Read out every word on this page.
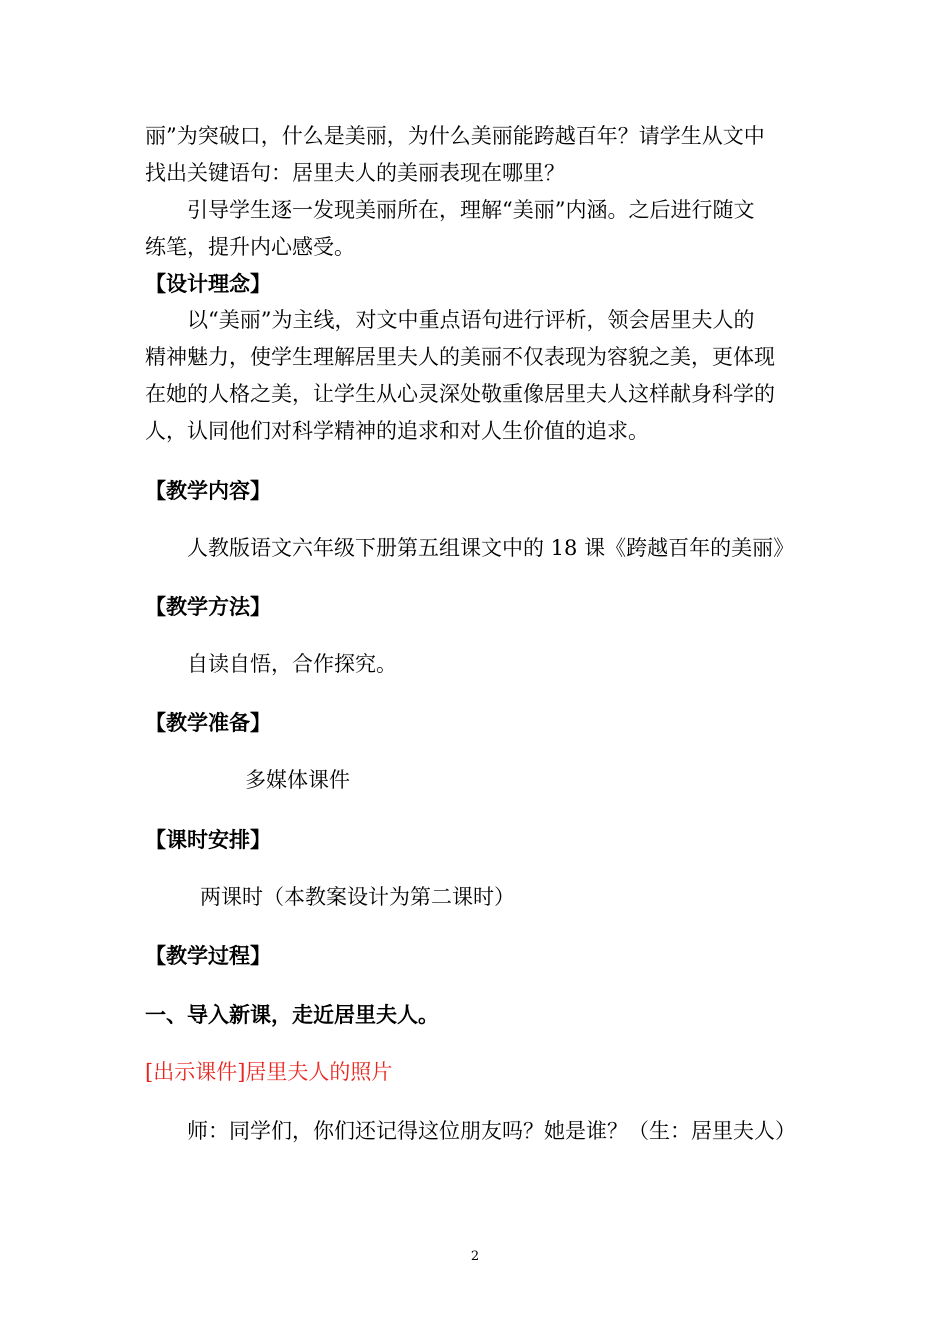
丽”为突破口，什么是美丽，为什么美丽能跨越百年？请学生从文中
找出关键语句：居里夫人的美丽表现在哪里？
引导学生逐一发现美丽所在，理解“美丽”内涵。之后进行随文
练笔，提升内心感受。
【设计理念】
以“美丽”为主线，对文中重点语句进行评析，领会居里夫人的
精神魅力，使学生理解居里夫人的美丽不仅表现为容貌之美，更体现
在她的人格之美，让学生从心灵深处敬重像居里夫人这样献身科学的
人，认同他们对科学精神的追求和对人生价值的追求。
【教学内容】
人教版语文六年级下册第五组课文中的 18 课《跨越百年的美丽》
【教学方法】
自读自悟，合作探究。
【教学准备】
多媒体课件
【课时安排】
两课时（本教案设计为第二课时）
【教学过程】
一、导入新课，走近居里夫人。
[出示课件]居里夫人的照片
师：同学们，你们还记得这位朋友吗？她是谁？（生：居里夫人）
2
